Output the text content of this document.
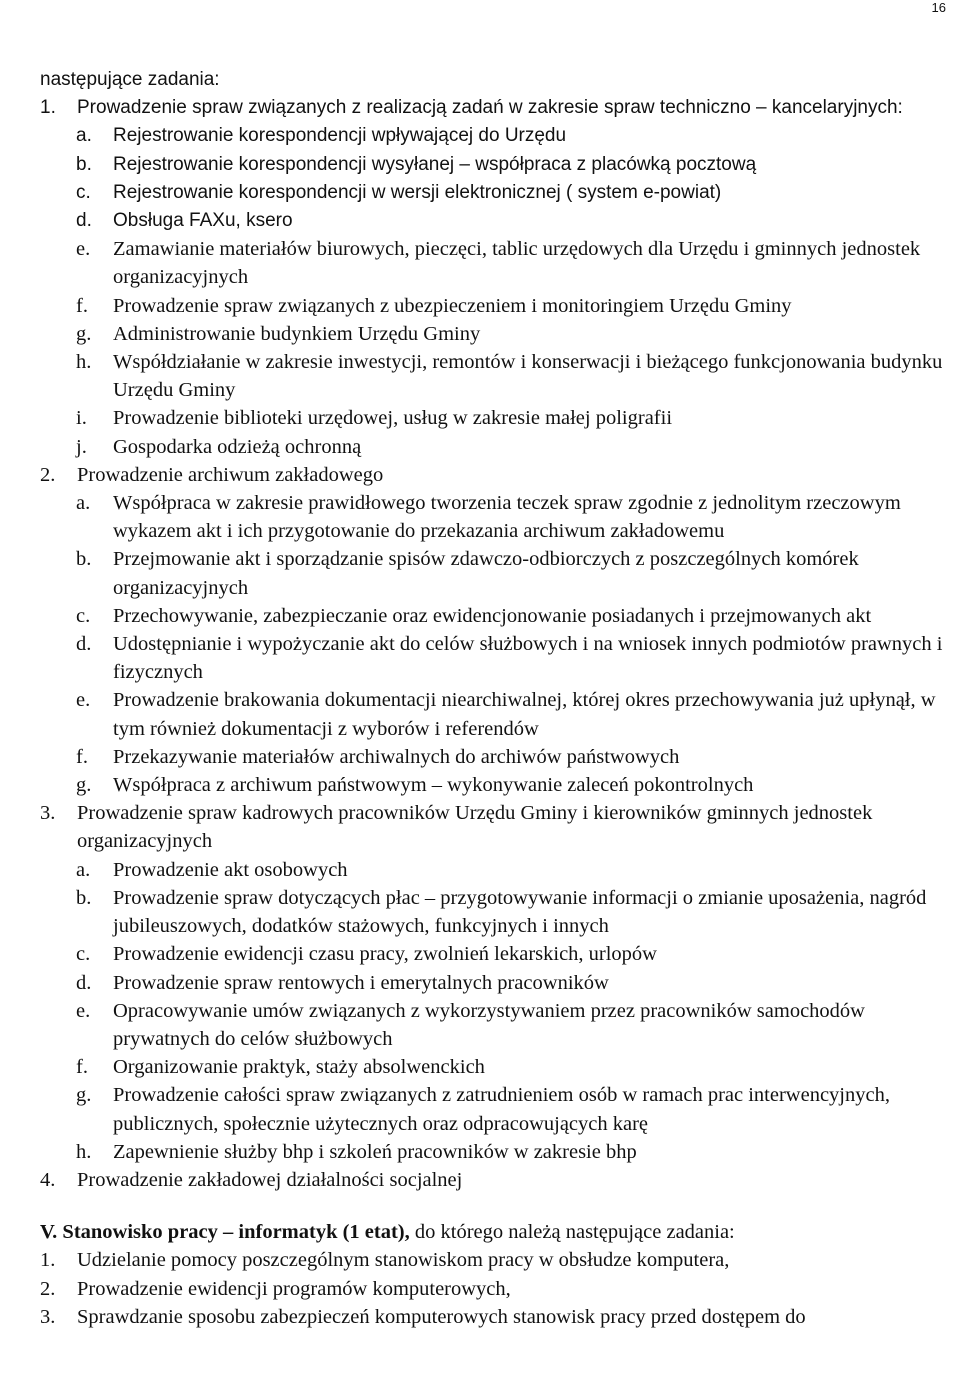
16
następujące zadania:
1.	Prowadzenie spraw związanych z realizacją zadań w zakresie spraw techniczno – kancelaryjnych:
a.	Rejestrowanie korespondencji wpływającej do Urzędu
b.	Rejestrowanie korespondencji wysyłanej – współpraca z placówką pocztową
c.	Rejestrowanie korespondencji w wersji elektronicznej ( system e-powiat)
d.	Obsługa FAXu, ksero
e.	Zamawianie materiałów biurowych, pieczęci, tablic urzędowych dla Urzędu i gminnych jednostek organizacyjnych
f.	Prowadzenie spraw związanych z ubezpieczeniem i monitoringiem Urzędu Gminy
g.	Administrowanie budynkiem Urzędu Gminy
h.	Współdziałanie w zakresie inwestycji, remontów i konserwacji i bieżącego funkcjonowania budynku Urzędu Gminy
i.	Prowadzenie biblioteki urzędowej, usług w zakresie małej poligrafii
j.	Gospodarka odzieżą ochronną
2.	Prowadzenie archiwum zakładowego
a.	Współpraca w zakresie prawidłowego tworzenia teczek spraw zgodnie z jednolitym rzeczowym wykazem akt i ich przygotowanie do przekazania archiwum zakładowemu
b.	Przejmowanie akt i sporządzanie spisów zdawczo-odbiorczych z poszczególnych komórek organizacyjnych
c.	Przechowywanie, zabezpieczanie oraz ewidencjonowanie posiadanych i przejmowanych akt
d.	Udostępnianie i wypożyczanie akt do celów służbowych i na wniosek innych podmiotów prawnych i fizycznych
e.	Prowadzenie brakowania dokumentacji niearchiwalnej, której okres przechowywania już upłynął, w tym również dokumentacji z wyborów i referendów
f.	Przekazywanie materiałów archiwalnych do archiwów państwowych
g.	Współpraca z archiwum państwowym – wykonywanie zaleceń pokontrolnych
3.	Prowadzenie spraw kadrowych pracowników Urzędu Gminy i kierowników gminnych jednostek organizacyjnych
a.	Prowadzenie akt osobowych
b.	Prowadzenie spraw dotyczących płac – przygotowywanie informacji o zmianie uposażenia, nagród jubileuszowych, dodatków stażowych, funkcyjnych i innych
c.	Prowadzenie ewidencji czasu pracy, zwolnień lekarskich, urlopów
d.	Prowadzenie spraw rentowych i emerytalnych pracowników
e.	Opracowywanie umów związanych z wykorzystywaniem przez pracowników samochodów prywatnych do celów służbowych
f.	Organizowanie praktyk, staży absolwenckich
g.	Prowadzenie całości spraw związanych z zatrudnieniem osób w ramach prac interwencyjnych, publicznych, społecznie użytecznych oraz odpracowujących karę
h.	Zapewnienie służby bhp i szkoleń pracowników w zakresie bhp
4.	Prowadzenie zakładowej działalności socjalnej
V. Stanowisko pracy – informatyk (1 etat), do którego należą następujące zadania:
1.	Udzielanie pomocy poszczególnym stanowiskom pracy w obsłudze komputera,
2.	Prowadzenie ewidencji programów komputerowych,
3.	Sprawdzanie sposobu zabezpieczeń komputerowych stanowisk pracy przed dostępem do
